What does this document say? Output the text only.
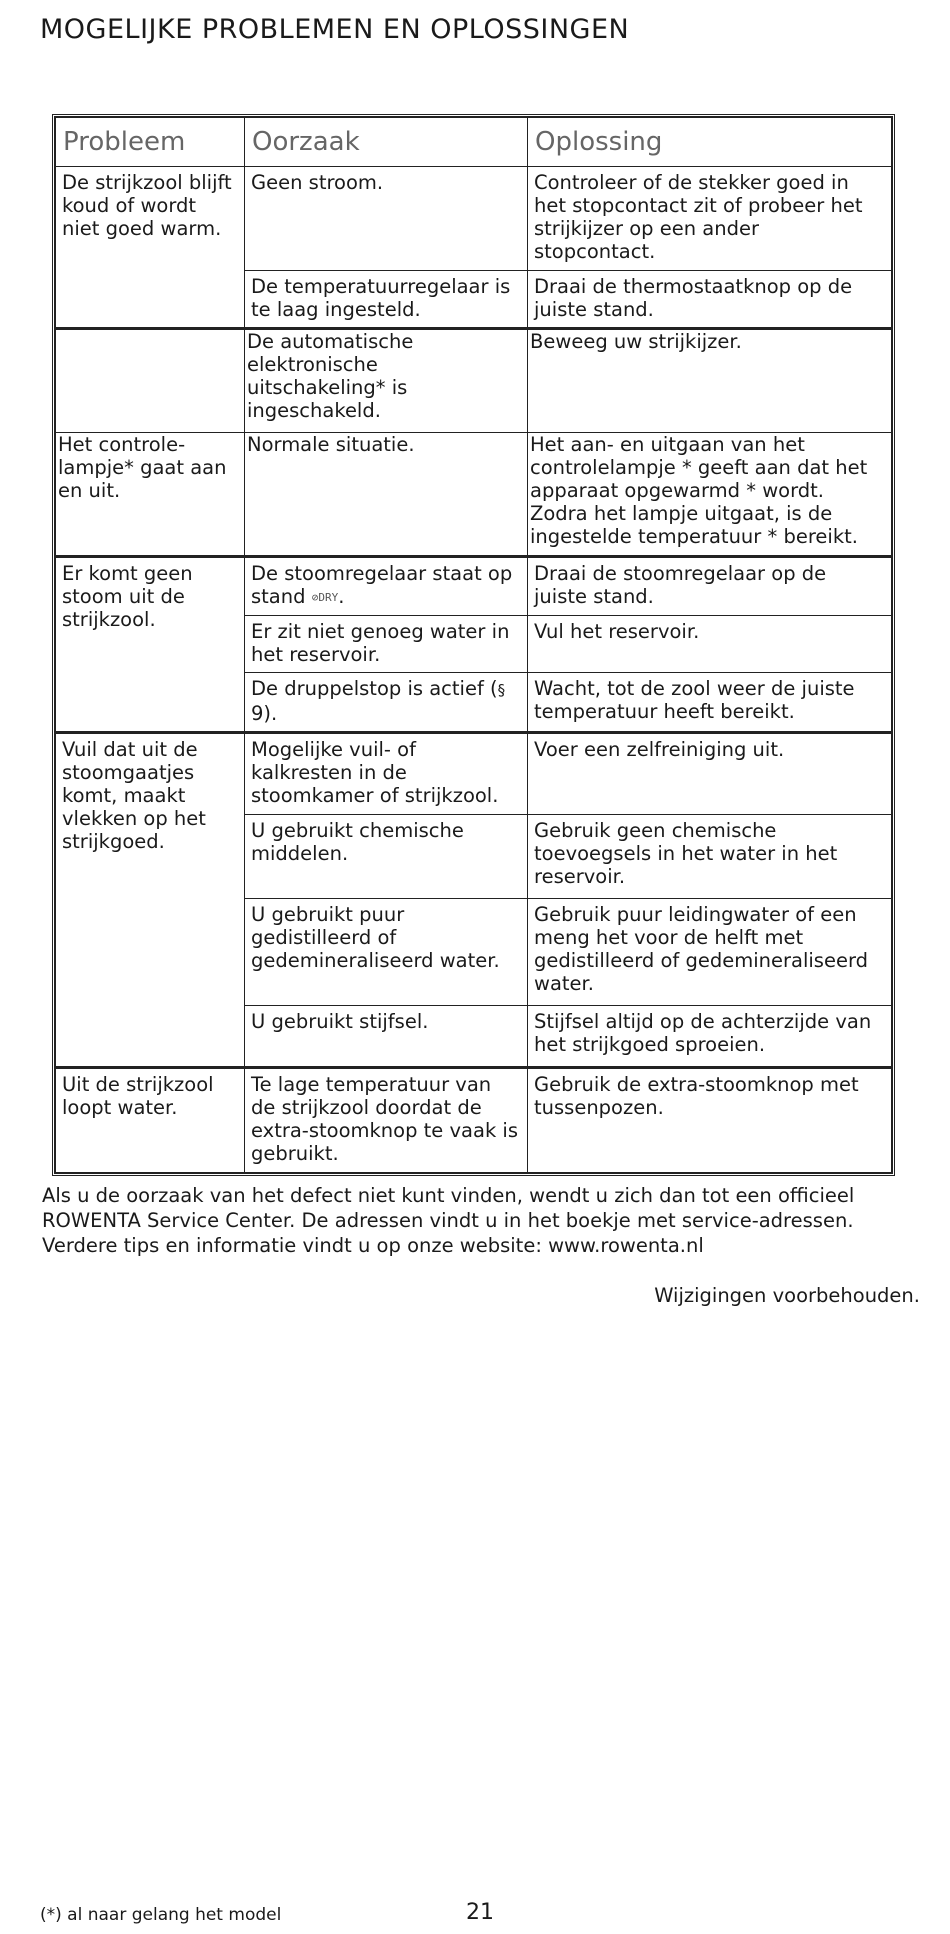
MOGELIJKE PROBLEMEN EN OPLOSSINGEN
Probleem	Oorzaak	Oplossing
De strijkzool blijft koud of wordt niet goed warm.	Geen stroom.	Controleer of de stekker goed in het stopcontact zit of probeer het strijkijzer op een ander stopcontact.
	De temperatuurregelaar is te laag ingesteld.	Draai de thermostaatknop op de juiste stand.
	De automatische elektronische uitschakeling* is ingeschakeld.	Beweeg uw strijkijzer.
Het controle-lampje* gaat aan en uit.	Normale situatie.	Het aan- en uitgaan van het controlelampje * geeft aan dat het apparaat opgewarmd * wordt. Zodra het lampje uitgaat, is de ingestelde temperatuur * bereikt.
Er komt geen stoom uit de strijkzool.	De stoomregelaar staat op stand ⊘DRY.	Draai de stoomregelaar op de juiste stand.
	Er zit niet genoeg water in het reservoir.	Vul het reservoir.
	De druppelstop is actief (§ 9).	Wacht, tot de zool weer de juiste temperatuur heeft bereikt.
Vuil dat uit de stoomgaatjes komt, maakt vlekken op het strijkgoed.	Mogelijke vuil- of kalkresten in de stoomkamer of strijkzool.	Voer een zelfreiniging uit.
	U gebruikt chemische middelen.	Gebruik geen chemische toevoegsels in het water in het reservoir.
	U gebruikt puur gedistilleerd of gedemineraliseerd water.	Gebruik puur leidingwater of een meng het voor de helft met gedistilleerd of gedemineraliseerd water.
	U gebruikt stijfsel.	Stijfsel altijd op de achterzijde van het strijkgoed sproeien.
Uit de strijkzool loopt water.	Te lage temperatuur van de strijkzool doordat de extra-stoomknop te vaak is gebruikt.	Gebruik de extra-stoomknop met tussenpozen.

Als u de oorzaak van het defect niet kunt vinden, wendt u zich dan tot een officieel
ROWENTA Service Center. De adressen vindt u in het boekje met service-adressen.
Verdere tips en informatie vindt u op onze website: www.rowenta.nl

Wijzigingen voorbehouden.

(*) al naar gelang het model	21
